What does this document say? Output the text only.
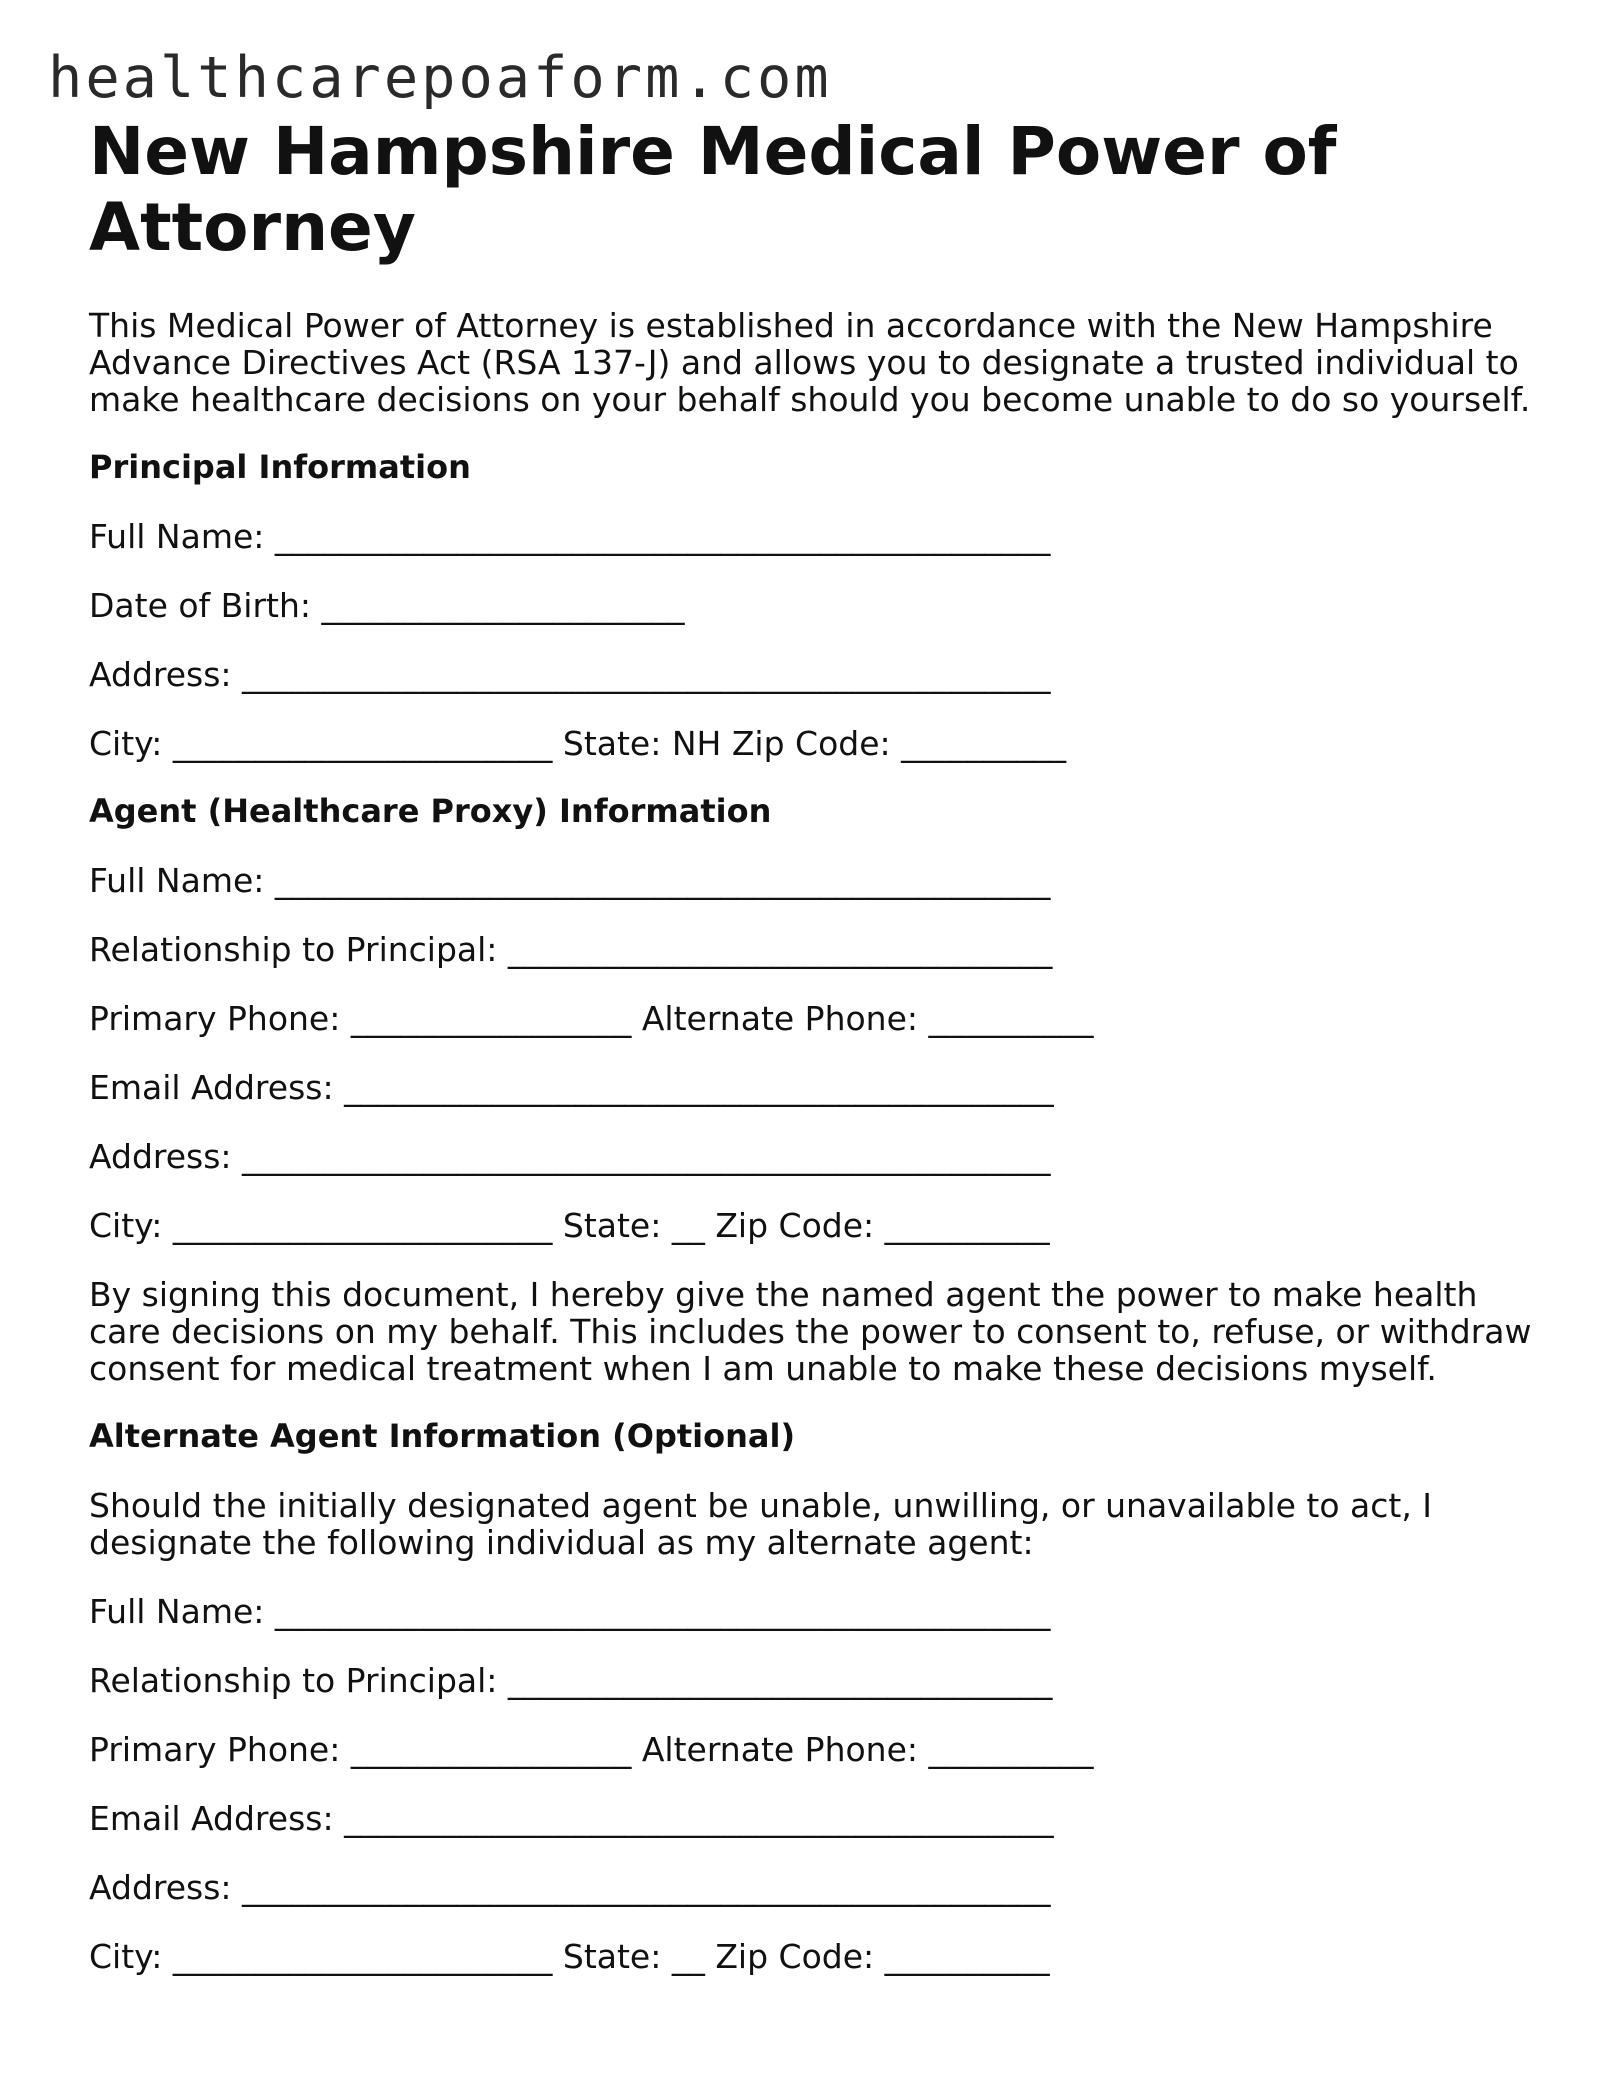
healthcarepoaform.com
New Hampshire Medical Power of Attorney

This Medical Power of Attorney is established in accordance with the New Hampshire Advance Directives Act (RSA 137-J) and allows you to designate a trusted individual to make healthcare decisions on your behalf should you become unable to do so yourself.

Principal Information
Full Name: _______________________________________________
Date of Birth: ______________________
Address: _________________________________________________
City: _______________________ State: NH Zip Code: __________
Agent (Healthcare Proxy) Information
Full Name: _______________________________________________
Relationship to Principal: _________________________________
Primary Phone: _________________ Alternate Phone: __________
Email Address: ___________________________________________
Address: _________________________________________________
City: _______________________ State: __ Zip Code: __________

By signing this document, I hereby give the named agent the power to make health care decisions on my behalf. This includes the power to consent to, refuse, or withdraw consent for medical treatment when I am unable to make these decisions myself.

Alternate Agent Information (Optional)

Should the initially designated agent be unable, unwilling, or unavailable to act, I designate the following individual as my alternate agent:

Full Name: _______________________________________________
Relationship to Principal: _________________________________
Primary Phone: _________________ Alternate Phone: __________
Email Address: ___________________________________________
Address: _________________________________________________
City: _______________________ State: __ Zip Code: __________
